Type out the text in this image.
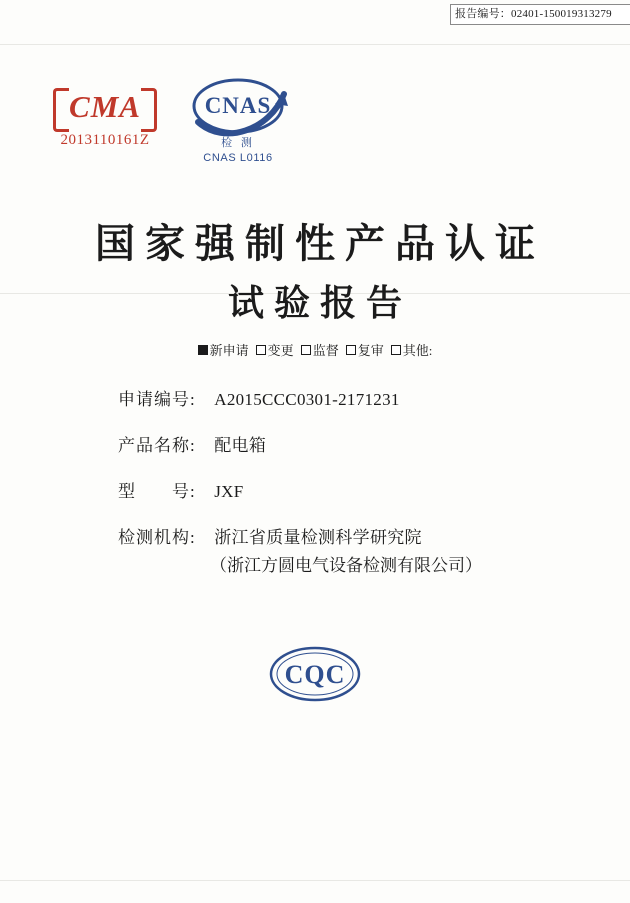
报告编号：02401-150019313279
CMA
2013110161Z
CNAS
检 测
CNAS L0116
国家强制性产品认证
试验报告
新申请 变更 监督 复审 其他:
申请编号: A2015CCC0301-2171231
产品名称: 配电箱
型　　号: JXF
检测机构: 浙江省质量检测科学研究院
（浙江方圆电气设备检测有限公司）
CQC
